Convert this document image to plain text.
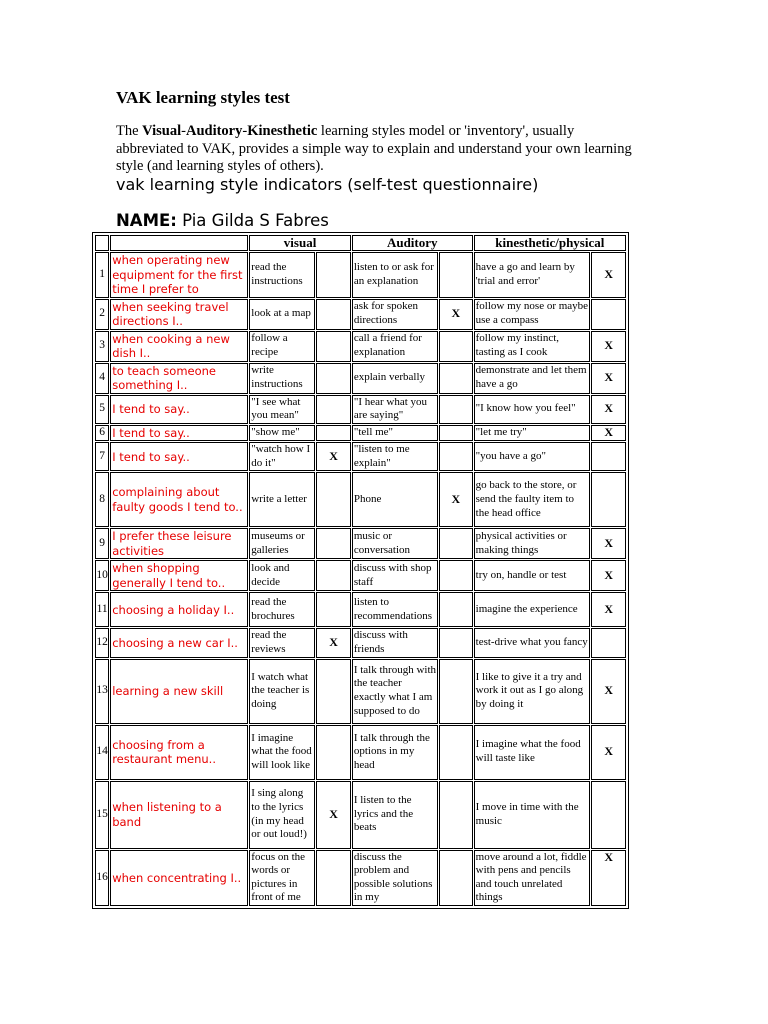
VAK learning styles test
The Visual-Auditory-Kinesthetic learning styles model or 'inventory', usually abbreviated to VAK, provides a simple way to explain and understand your own learning style (and learning styles of others).
vak learning style indicators (self-test questionnaire)
NAME: Pia Gilda S Fabres
		visual		Auditory		kinesthetic/physical	
1	when operating new equipment for the first time I prefer to	read the instructions		listen to or ask for an explanation		have a go and learn by 'trial and error'	X
2	when seeking travel directions I..	look at a map		ask for spoken directions	X	follow my nose or maybe use a compass	
3	when cooking a new dish I..	follow a recipe		call a friend for explanation		follow my instinct, tasting as I cook	X
4	to teach someone something I..	write instructions		explain verbally		demonstrate and let them have a go	X
5	I tend to say..	"I see what you mean"		"I hear what you are saying"		"I know how you feel"	X
6	I tend to say..	"show me"		"tell me"		"let me try"	X
7	I tend to say..	"watch how I do it"	X	"listen to me explain"		"you have a go"	
8	complaining about faulty goods I tend to..	write a letter		Phone	X	go back to the store, or send the faulty item to the head office	
9	I prefer these leisure activities	museums or galleries		music or conversation		physical activities or making things	X
10	when shopping generally I tend to..	look and decide		discuss with shop staff		try on, handle or test	X
11	choosing a holiday I..	read the brochures		listen to recommendations		imagine the experience	X
12	choosing a new car I..	read the reviews	X	discuss with friends		test-drive what you fancy	
13	learning a new skill	I watch what the teacher is doing		I talk through with the teacher exactly what I am supposed to do		I like to give it a try and work it out as I go along by doing it	X
14	choosing from a restaurant menu..	I imagine what the food will look like		I talk through the options in my head		I imagine what the food will taste like	X
15	when listening to a band	I sing along to the lyrics (in my head or out loud!)	X	I listen to the lyrics and the beats		I move in time with the music	
16	when concentrating I..	focus on the words or pictures in front of me		discuss the problem and possible solutions in my		move around a lot, fiddle with pens and pencils and touch unrelated things	X
